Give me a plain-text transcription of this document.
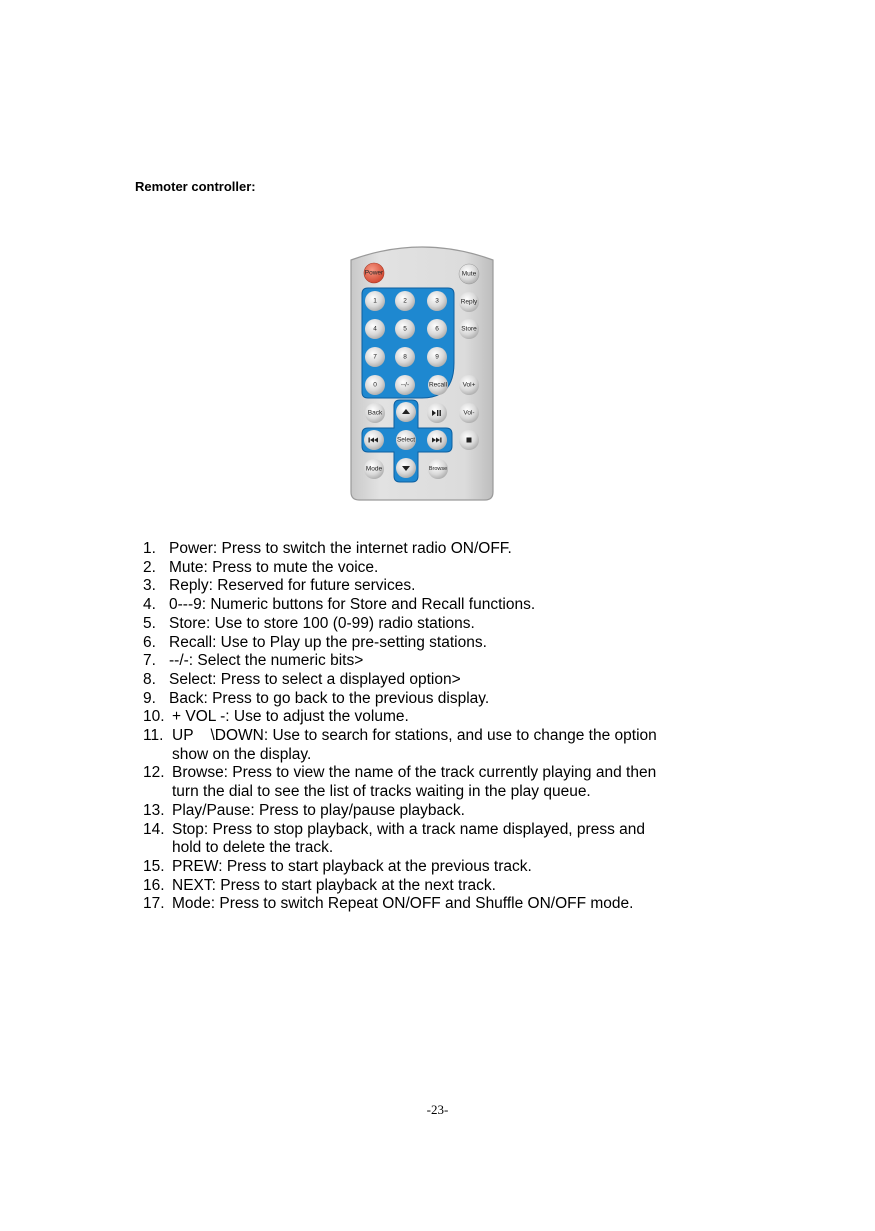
Remoter controller:
Power	Mute
1	2	3	Reply
4	5	6	Store
7	8	9
0	--/-	Recall Vol+
Back	Vol-
Select
Mode	Browse
1. Power: Press to switch the internet radio ON/OFF.
2. Mute: Press to mute the voice.
3. Reply: Reserved for future services.
4. 0---9: Numeric buttons for Store and Recall functions.
5. Store: Use to store 100 (0-99) radio stations.
6. Recall: Use to Play up the pre-setting stations.
7. --/-: Select the numeric bits>
8. Select: Press to select a displayed option>
9. Back: Press to go back to the previous display.
10. + VOL -: Use to adjust the volume.
11. UP    \DOWN: Use to search for stations, and use to change the option
show on the display.
12. Browse: Press to view the name of the track currently playing and then
turn the dial to see the list of tracks waiting in the play queue.
13. Play/Pause: Press to play/pause playback.
14. Stop: Press to stop playback, with a track name displayed, press and
hold to delete the track.
15. PREW: Press to start playback at the previous track.
16. NEXT: Press to start playback at the next track.
17. Mode: Press to switch Repeat ON/OFF and Shuffle ON/OFF mode.
-23-
